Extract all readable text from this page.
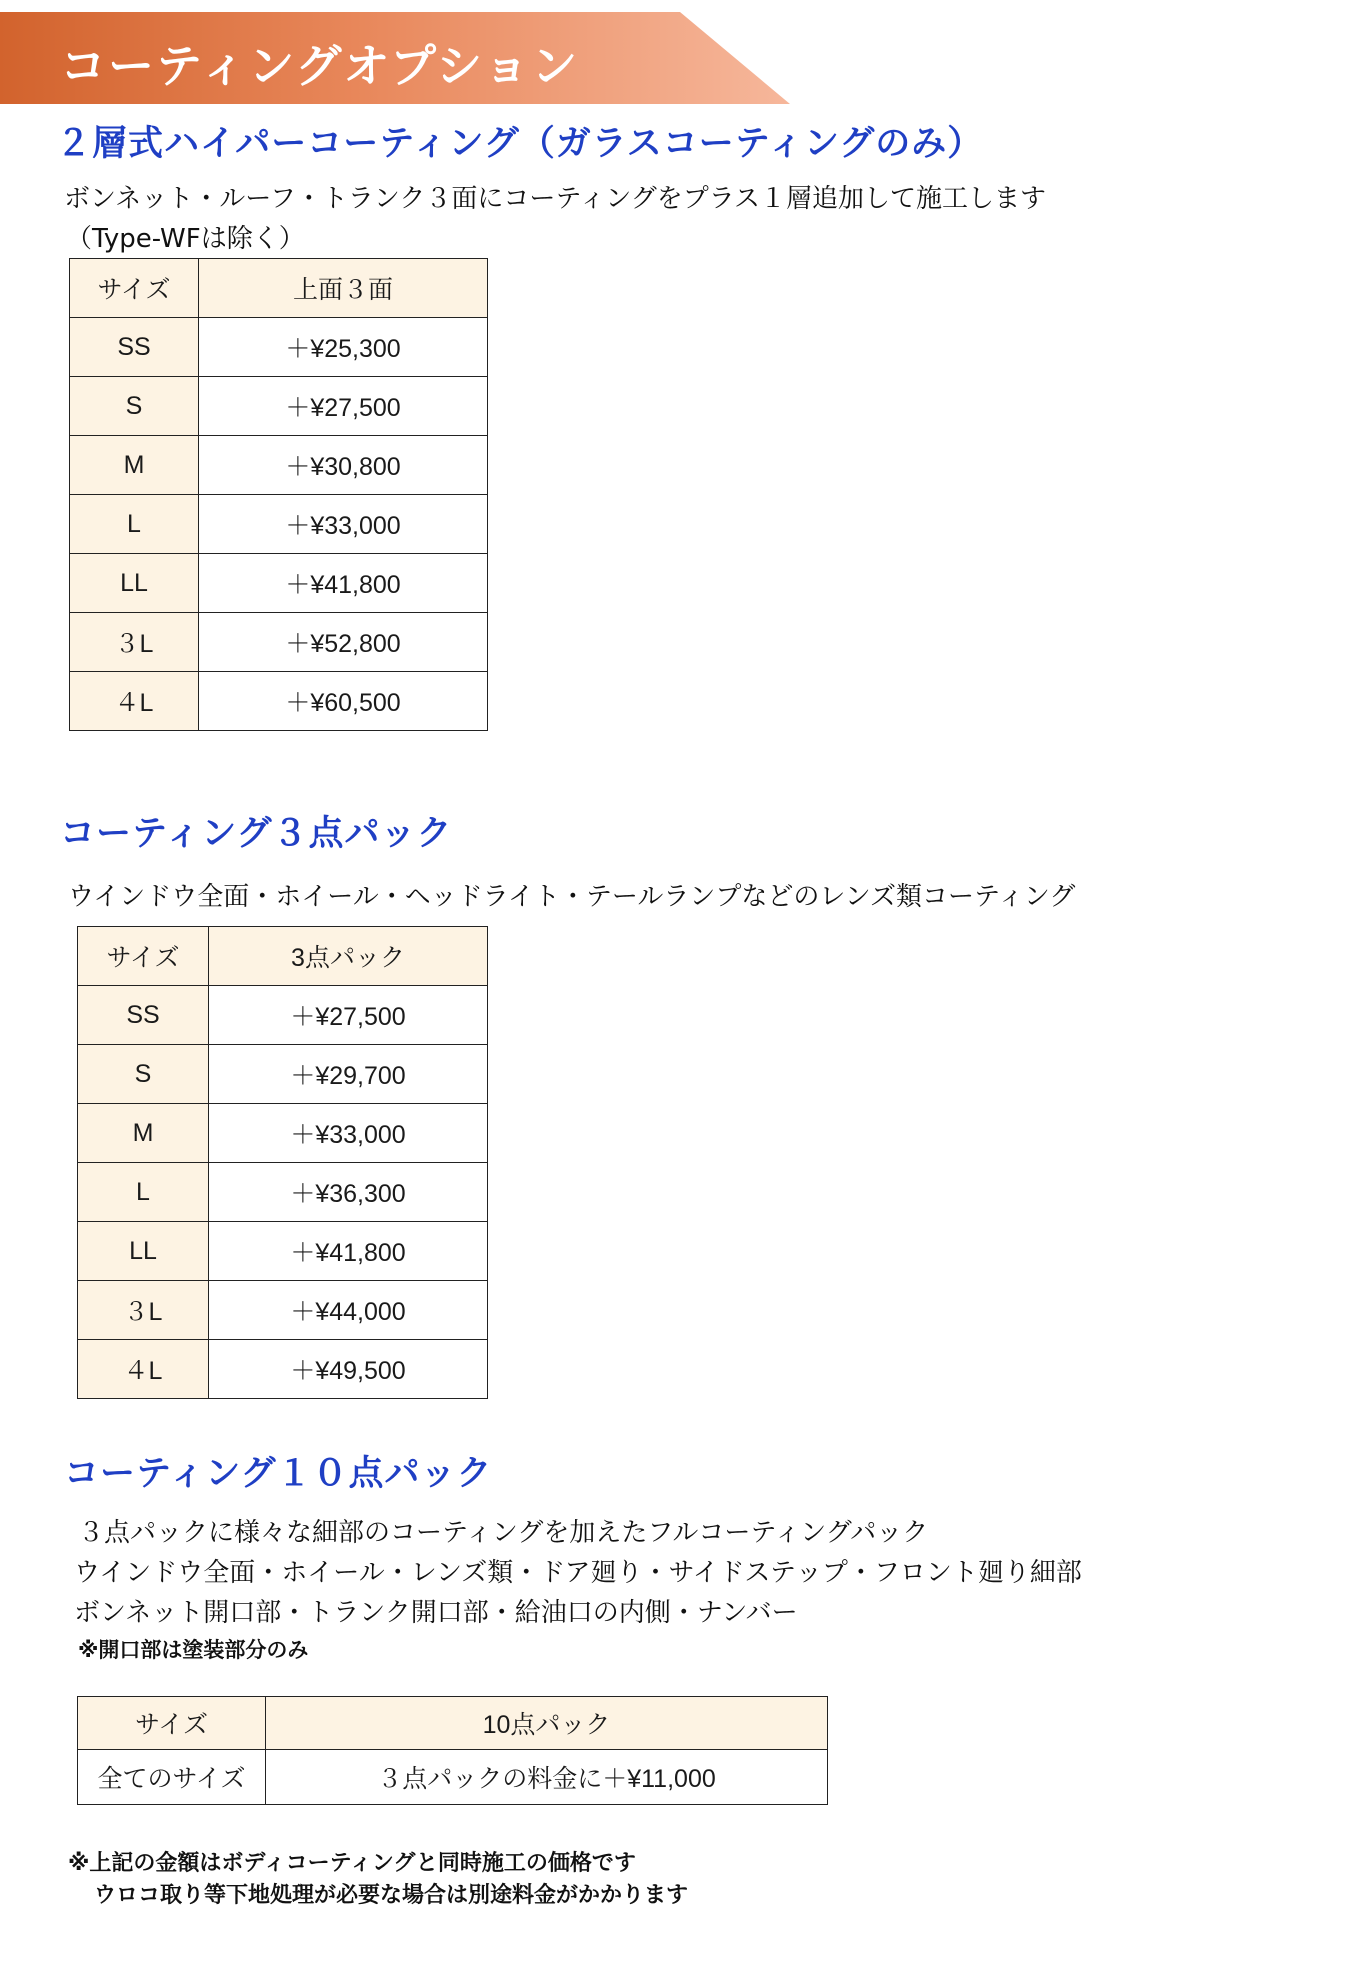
コーティングオプション
２層式ハイパーコーティング（ガラスコーティングのみ）
ボンネット・ルーフ・トランク３面にコーティングをプラス１層追加して施工します
（Type-WFは除く）
サイズ	上面３面
SS	＋¥25,300
S	＋¥27,500
M	＋¥30,800
L	＋¥33,000
LL	＋¥41,800
３L	＋¥52,800
４L	＋¥60,500
コーティング３点パック
ウインドウ全面・ホイール・ヘッドライト・テールランプなどのレンズ類コーティング
サイズ	3点パック
SS	＋¥27,500
S	＋¥29,700
M	＋¥33,000
L	＋¥36,300
LL	＋¥41,800
３L	＋¥44,000
４L	＋¥49,500
コーティング１０点パック
３点パックに様々な細部のコーティングを加えたフルコーティングパック
ウインドウ全面・ホイール・レンズ類・ドア廻り・サイドステップ・フロント廻り細部
ボンネット開口部・トランク開口部・給油口の内側・ナンバー
※開口部は塗装部分のみ
サイズ	10点パック
全てのサイズ	３点パックの料金に＋¥11,000
※上記の金額はボディコーティングと同時施工の価格です
ウロコ取り等下地処理が必要な場合は別途料金がかかります
